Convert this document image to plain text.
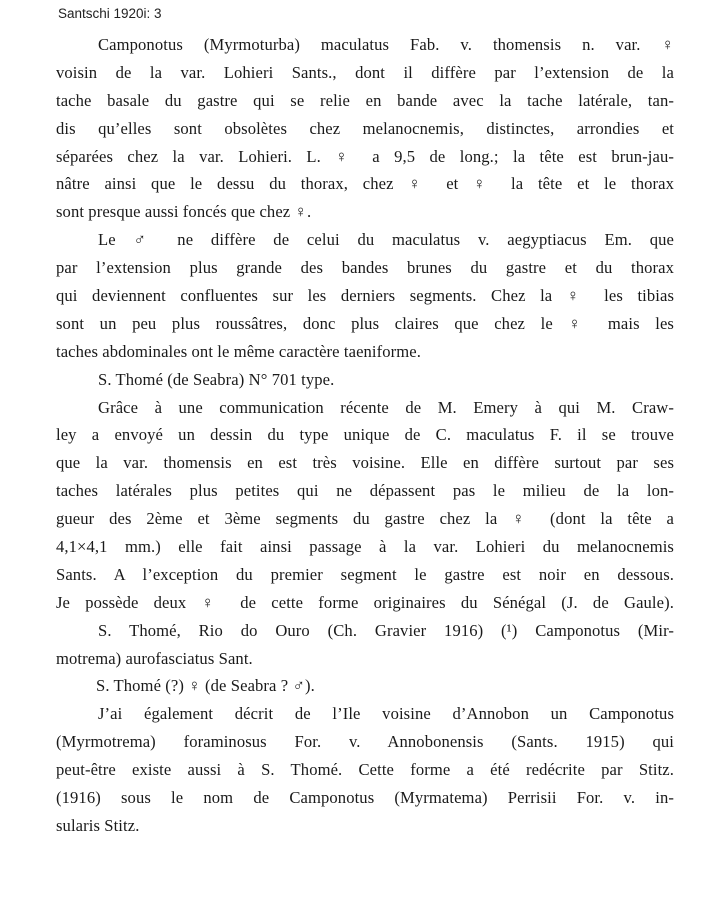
Santschi 1920i: 3
Camponotus (Myrmoturba) maculatus Fab. v. thomensis n. var. ♀
voisin de la var. Lohieri Sants., dont il diffère par l’extension de la
tache basale du gastre qui se relie en bande avec la tache latérale, tan-
dis qu’elles sont obsolètes chez melanocnemis, distinctes, arrondies et
séparées chez la var. Lohieri. L. ♀ a 9,5 de long.; la tête est brun-jau-
nâtre ainsi que le dessu du thorax, chez ♀ et ♀ la tête et le thorax
sont presque aussi foncés que chez ♀.
Le ♂ ne diffère de celui du maculatus v. aegyptiacus Em. que
par l’extension plus grande des bandes brunes du gastre et du thorax
qui deviennent confluentes sur les derniers segments. Chez la ♀ les tibias
sont un peu plus roussâtres, donc plus claires que chez le ♀ mais les
taches abdominales ont le même caractère taeniforme.
S. Thomé (de Seabra) N° 701 type.
Grâce à une communication récente de M. Emery à qui M. Craw-
ley a envoyé un dessin du type unique de C. maculatus F. il se trouve
que la var. thomensis en est très voisine. Elle en diffère surtout par ses
taches latérales plus petites qui ne dépassent pas le milieu de la lon-
gueur des 2ème et 3ème segments du gastre chez la ♀ (dont la tête a
4,1×4,1 mm.) elle fait ainsi passage à la var. Lohieri du melanocnemis
Sants. A l’exception du premier segment le gastre est noir en dessous.
Je possède deux ♀ de cette forme originaires du Sénégal (J. de Gaule).
S. Thomé, Rio do Ouro (Ch. Gravier 1916) (¹) Camponotus (Mir-
motrema) aurofasciatus Sant.
S. Thomé (?) ♀ (de Seabra ? ♂).
J’ai également décrit de l’Ile voisine d’Annobon un Camponotus
(Myrmotrema) foraminosus For. v. Annobonensis (Sants. 1915) qui
peut-être existe aussi à S. Thomé. Cette forme a été redécrite par Stitz.
(1916) sous le nom de Camponotus (Myrmatema) Perrisii For. v. in-
sularis Stitz.
